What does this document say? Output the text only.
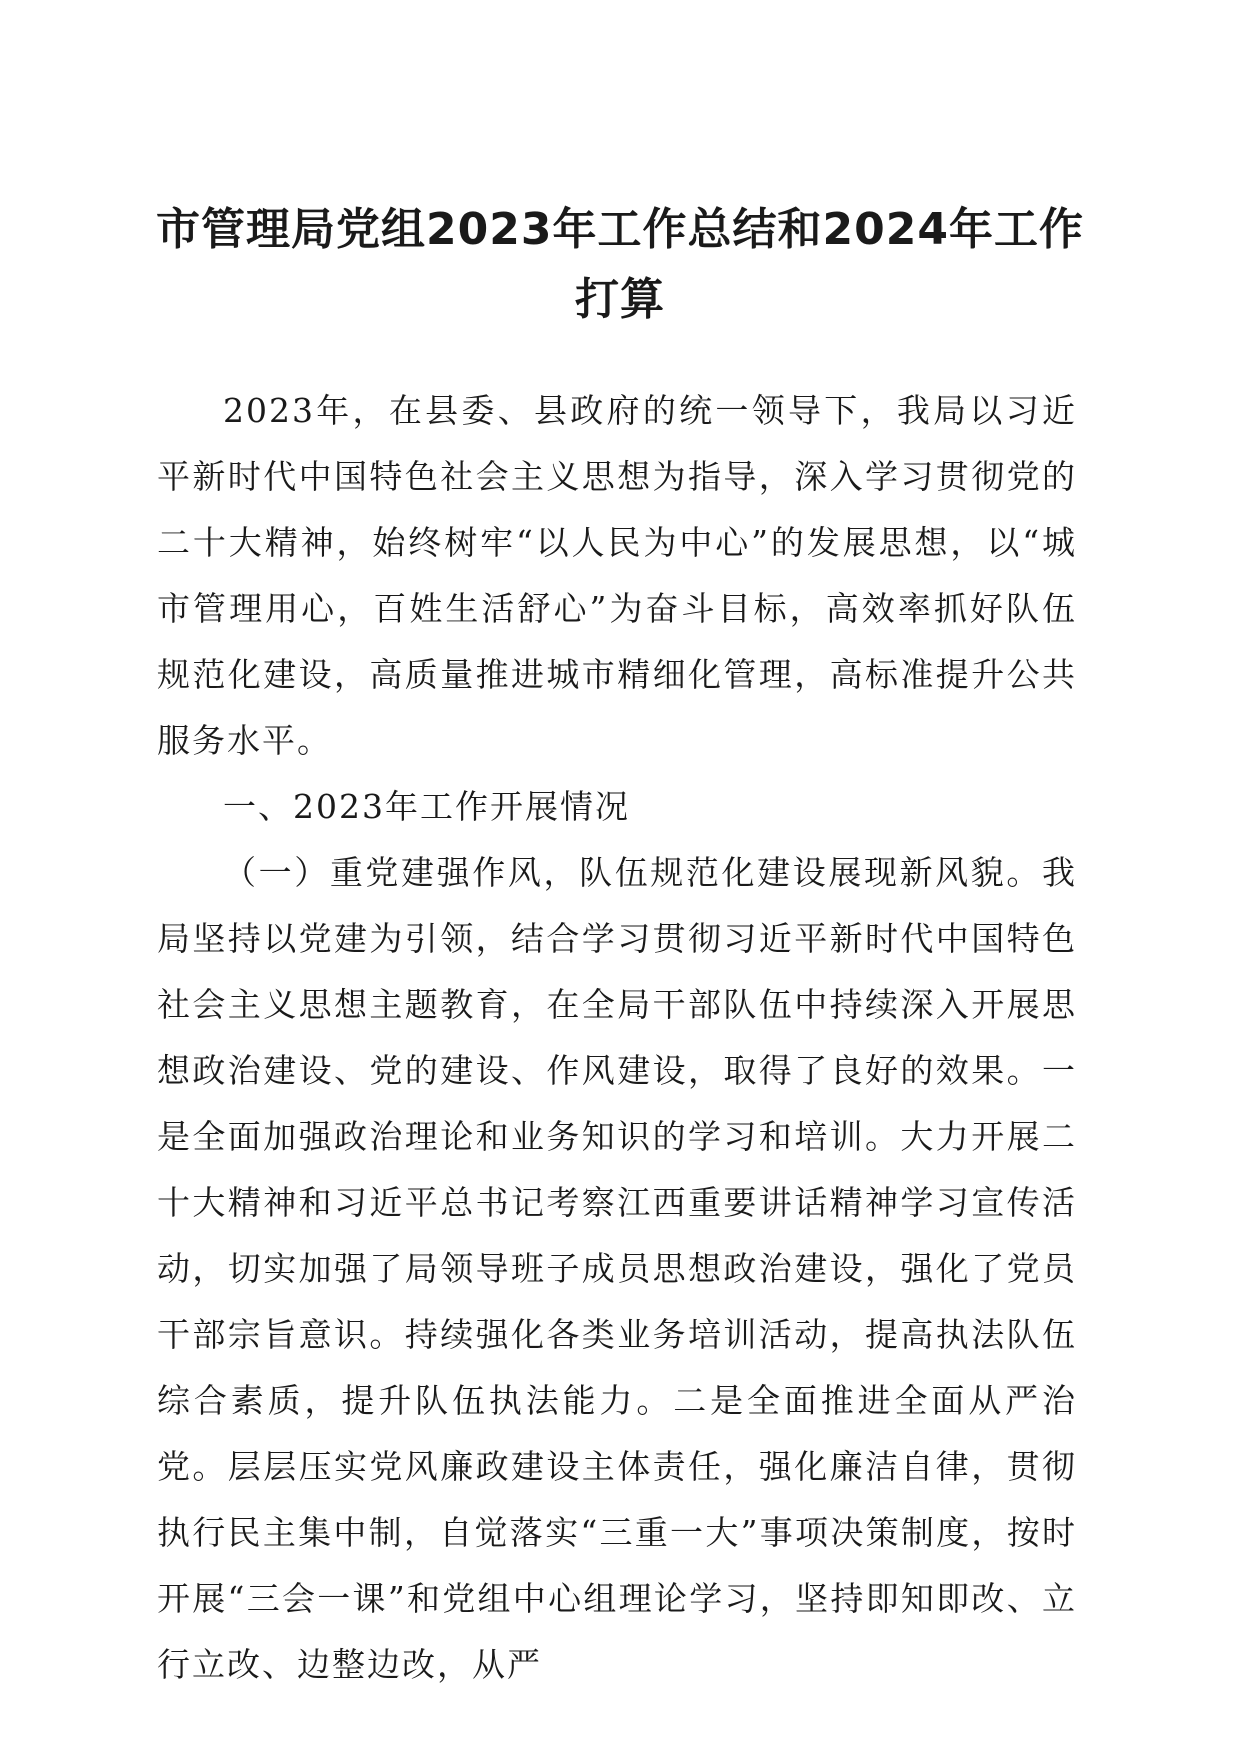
市管理局党组2023年工作总结和2024年工作打算

2023年，在县委、县政府的统一领导下，我局以习近平新时代中国特色社会主义思想为指导，深入学习贯彻党的二十大精神，始终树牢“以人民为中心”的发展思想，以“城市管理用心，百姓生活舒心”为奋斗目标，高效率抓好队伍规范化建设，高质量推进城市精细化管理，高标准提升公共服务水平。

一、2023年工作开展情况

（一）重党建强作风，队伍规范化建设展现新风貌。我局坚持以党建为引领，结合学习贯彻习近平新时代中国特色社会主义思想主题教育，在全局干部队伍中持续深入开展思想政治建设、党的建设、作风建设，取得了良好的效果。一是全面加强政治理论和业务知识的学习和培训。大力开展二十大精神和习近平总书记考察江西重要讲话精神学习宣传活动，切实加强了局领导班子成员思想政治建设，强化了党员干部宗旨意识。持续强化各类业务培训活动，提高执法队伍综合素质，提升队伍执法能力。二是全面推进全面从严治党。层层压实党风廉政建设主体责任，强化廉洁自律，贯彻执行民主集中制，自觉落实“三重一大”事项决策制度，按时开展“三会一课”和党组中心组理论学习，坚持即知即改、立行立改、边整边改，从严
